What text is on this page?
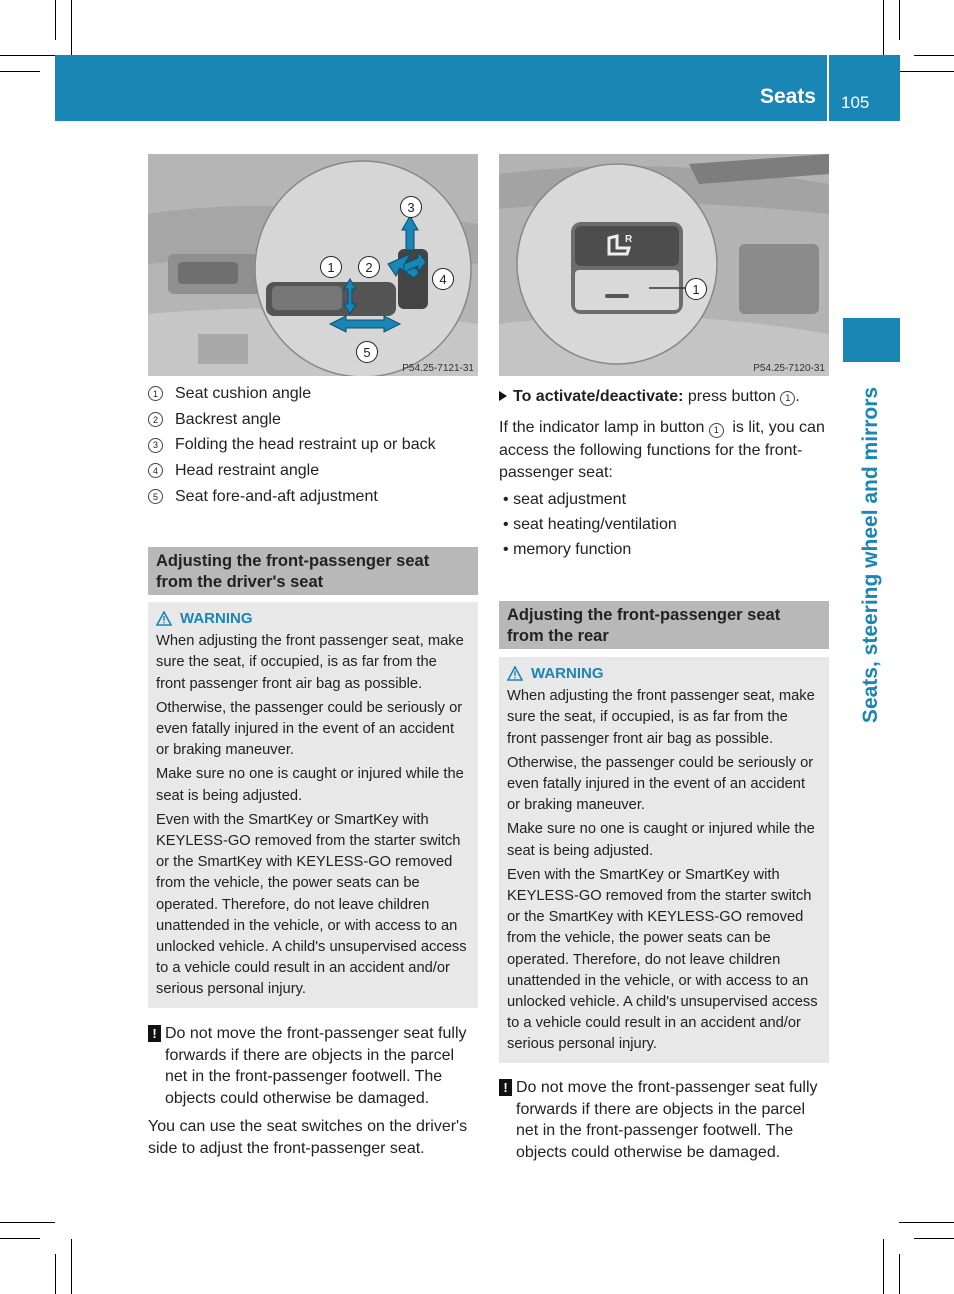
Seats 105
Seats, steering wheel and mirrors
1	2
3
4
5
P54.25-7121-31
R
1
P54.25-7120-31
1	Seat cushion angle
2	Backrest angle
3	Folding the head restraint up or back
4	Head restraint angle
5	Seat fore-and-aft adjustment
Adjusting the front-passenger seat from the driver's seat
WARNING

When adjusting the front passenger seat, make sure the seat, if occupied, is as far from the front passenger front air bag as possible.

Otherwise, the passenger could be seriously or even fatally injured in the event of an accident or braking maneuver.

Make sure no one is caught or injured while the seat is being adjusted.

Even with the SmartKey or SmartKey with KEYLESS-GO removed from the starter switch or the SmartKey with KEYLESS-GO removed from the vehicle, the power seats can be operated. Therefore, do not leave children unattended in the vehicle, or with access to an unlocked vehicle. A child's unsupervised access to a vehicle could result in an accident and/or serious personal injury.

! Do not move the front-passenger seat fully forwards if there are objects in the parcel net in the front-passenger footwell. The objects could otherwise be damaged.
You can use the seat switches on the driver's side to adjust the front-passenger seat.
To activate/deactivate: press button 1 .
If the indicator lamp in button 1 is lit, you can access the following functions for the front-passenger seat:
• seat adjustment
• seat heating/ventilation
• memory function
Adjusting the front-passenger seat from the rear
WARNING

When adjusting the front passenger seat, make sure the seat, if occupied, is as far from the front passenger front air bag as possible.

Otherwise, the passenger could be seriously or even fatally injured in the event of an accident or braking maneuver.

Make sure no one is caught or injured while the seat is being adjusted.

Even with the SmartKey or SmartKey with KEYLESS-GO removed from the starter switch or the SmartKey with KEYLESS-GO removed from the vehicle, the power seats can be operated. Therefore, do not leave children unattended in the vehicle, or with access to an unlocked vehicle. A child's unsupervised access to a vehicle could result in an accident and/or serious personal injury.

! Do not move the front-passenger seat fully forwards if there are objects in the parcel net in the front-passenger footwell. The objects could otherwise be damaged.
